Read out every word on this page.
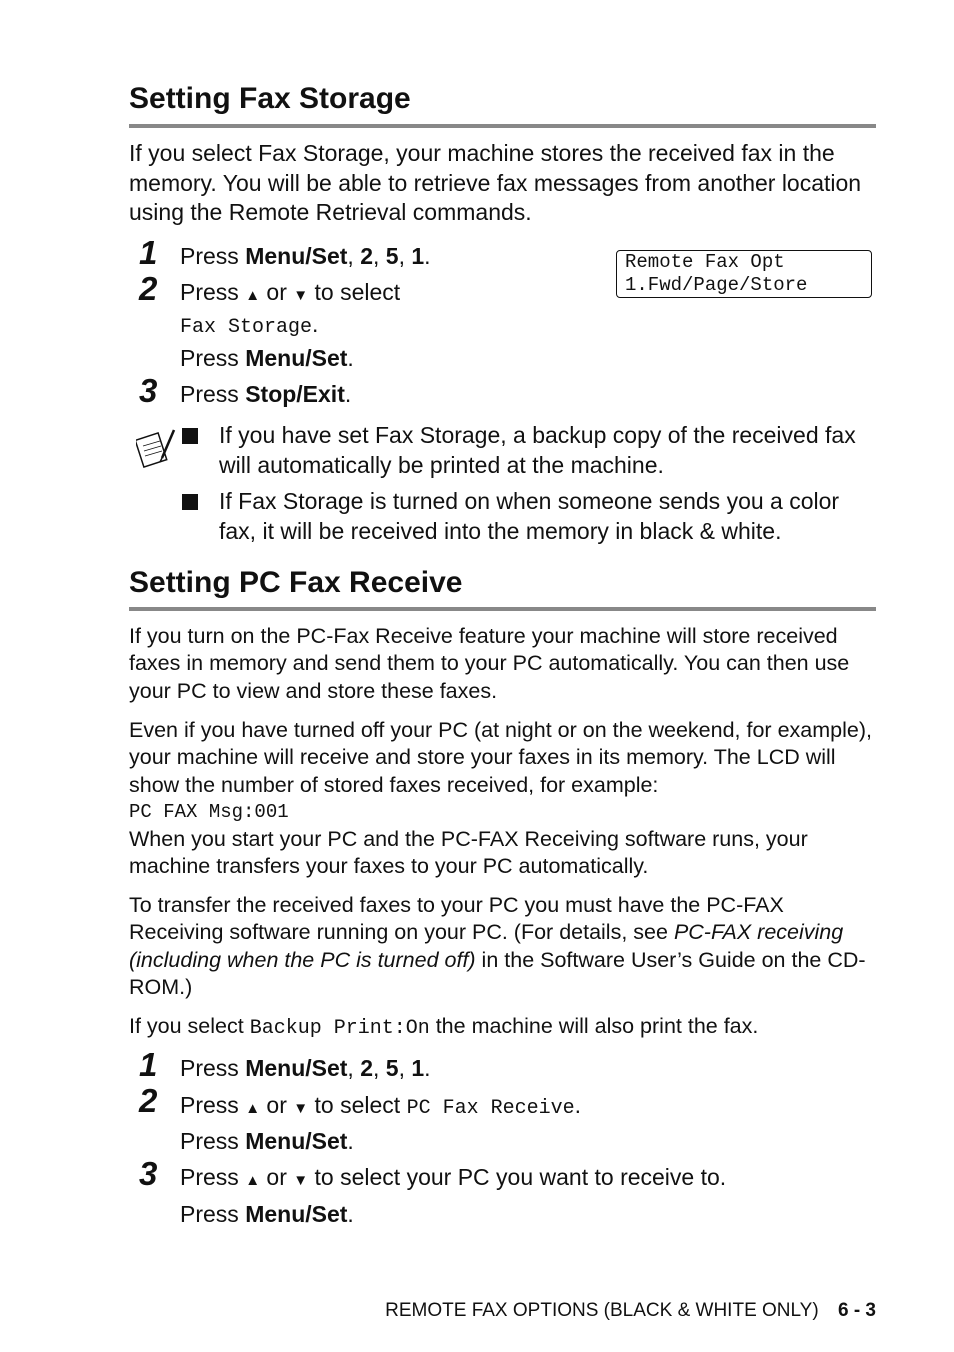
Setting Fax Storage

If you select Fax Storage, your machine stores the received fax in the memory. You will be able to retrieve fax messages from another location using the Remote Retrieval commands.

1 Press Menu/Set, 2, 5, 1.	Remote Fax Opt
1.Fwd/Page/Store
2 Press ▲ or ▼ to select
Fax Storage.
Press Menu/Set.
3 Press Stop/Exit.

If you have set Fax Storage, a backup copy of the received fax will automatically be printed at the machine.

If Fax Storage is turned on when someone sends you a color fax, it will be received into the memory in black & white.

Setting PC Fax Receive

If you turn on the PC-Fax Receive feature your machine will store received faxes in memory and send them to your PC automatically. You can then use your PC to view and store these faxes.

Even if you have turned off your PC (at night or on the weekend, for example), your machine will receive and store your faxes in its memory. The LCD will show the number of stored faxes received, for example:

PC FAX Msg:001

When you start your PC and the PC-FAX Receiving software runs, your machine transfers your faxes to your PC automatically.

To transfer the received faxes to your PC you must have the PC-FAX Receiving software running on your PC. (For details, see PC-FAX receiving (including when the PC is turned off) in the Software User’s Guide on the CD-ROM.)

If you select Backup Print:On the machine will also print the fax.

1 Press Menu/Set, 2, 5, 1.
2 Press ▲ or ▼ to select PC Fax Receive.
Press Menu/Set.
3 Press ▲ or ▼ to select your PC you want to receive to.
Press Menu/Set.
REMOTE FAX OPTIONS (BLACK & WHITE ONLY) 6 - 3
